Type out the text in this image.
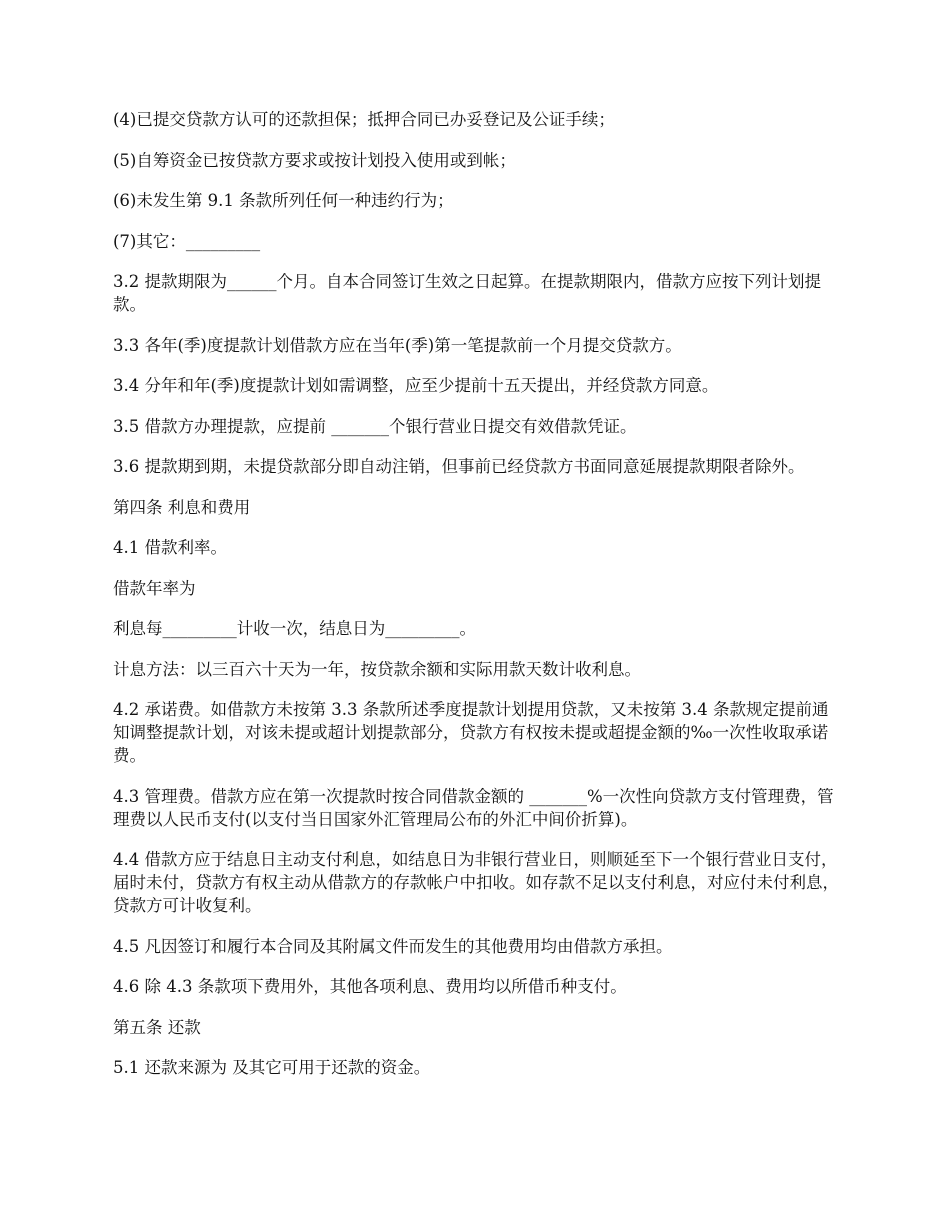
(4)已提交贷款方认可的还款担保；抵押合同已办妥登记及公证手续；

(5)自筹资金已按贷款方要求或按计划投入使用或到帐；

(6)未发生第 9.1 条款所列任何一种违约行为；

(7)其它：_________

3.2 提款期限为______个月。自本合同签订生效之日起算。在提款期限内，借款方应按下列计划提款。

3.3 各年(季)度提款计划借款方应在当年(季)第一笔提款前一个月提交贷款方。

3.4 分年和年(季)度提款计划如需调整，应至少提前十五天提出，并经贷款方同意。

3.5 借款方办理提款，应提前 _______个银行营业日提交有效借款凭证。

3.6 提款期到期，未提贷款部分即自动注销，但事前已经贷款方书面同意延展提款期限者除外。

第四条 利息和费用

4.1 借款利率。

借款年率为

利息每_________计收一次，结息日为_________。

计息方法：以三百六十天为一年，按贷款余额和实际用款天数计收利息。

4.2 承诺费。如借款方未按第 3.3 条款所述季度提款计划提用贷款，又未按第 3.4 条款规定提前通知调整提款计划，对该未提或超计划提款部分，贷款方有权按未提或超提金额的‰一次性收取承诺费。

4.3 管理费。借款方应在第一次提款时按合同借款金额的 _______%一次性向贷款方支付管理费，管理费以人民币支付(以支付当日国家外汇管理局公布的外汇中间价折算)。

4.4 借款方应于结息日主动支付利息，如结息日为非银行营业日，则顺延至下一个银行营业日支付，届时未付，贷款方有权主动从借款方的存款帐户中扣收。如存款不足以支付利息，对应付未付利息，贷款方可计收复利。

4.5 凡因签订和履行本合同及其附属文件而发生的其他费用均由借款方承担。

4.6 除 4.3 条款项下费用外，其他各项利息、费用均以所借币种支付。

第五条 还款

5.1 还款来源为 及其它可用于还款的资金。
